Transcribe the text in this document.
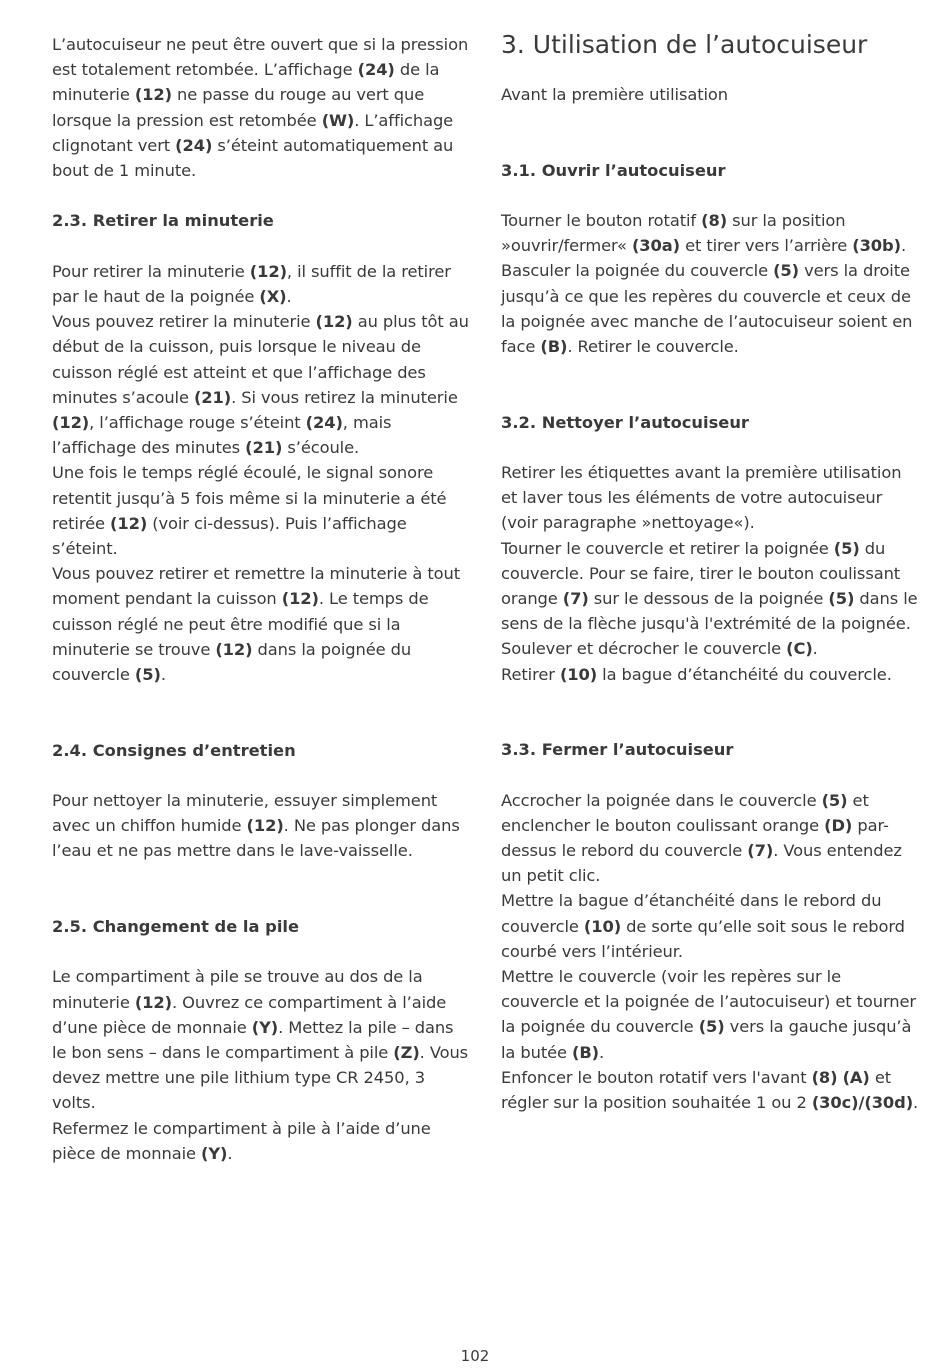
L’autocuiseur ne peut être ouvert que si la pression est totalement retombée. L’affichage (24) de la minuterie (12) ne passe du rouge au vert que lorsque la pression est retombée (W). L’affichage clignotant vert (24) s’éteint automatiquement au bout de 1 minute.

2.3. Retirer la minuterie

Pour retirer la minuterie (12), il suffit de la retirer par le haut de la poignée (X).

Vous pouvez retirer la minuterie (12) au plus tôt au début de la cuisson, puis lorsque le niveau de cuisson réglé est atteint et que l’affichage des minutes s’acoule (21). Si vous retirez la minuterie (12), l’affichage rouge s’éteint (24), mais l’affichage des minutes (21) s’écoule.

Une fois le temps réglé écoulé, le signal sonore retentit jusqu’à 5 fois même si la minuterie a été retirée (12) (voir ci-dessus). Puis l’affichage s’éteint.

Vous pouvez retirer et remettre la minuterie à tout moment pendant la cuisson (12). Le temps de cuisson réglé ne peut être modifié que si la minuterie se trouve (12) dans la poignée du couvercle (5).

2.4. Consignes d’entretien

Pour nettoyer la minuterie, essuyer simplement avec un chiffon humide (12). Ne pas plonger dans l’eau et ne pas mettre dans le lave-vaisselle.

2.5. Changement de la pile

Le compartiment à pile se trouve au dos de la minuterie (12). Ouvrez ce compartiment à l’aide d’une pièce de monnaie (Y). Mettez la pile – dans le bon sens – dans le compartiment à pile (Z). Vous devez mettre une pile lithium type CR 2450, 3 volts.

Refermez le compartiment à pile à l’aide d’une pièce de monnaie (Y).

3. Utilisation de l’autocuiseur

Avant la première utilisation

3.1. Ouvrir l’autocuiseur

Tourner le bouton rotatif (8) sur la position »ouvrir/fermer« (30a) et tirer vers l’arrière (30b).

Basculer la poignée du couvercle (5) vers la droite jusqu’à ce que les repères du couvercle et ceux de la poignée avec manche de l’autocuiseur soient en face (B). Retirer le couvercle.

3.2. Nettoyer l’autocuiseur

Retirer les étiquettes avant la première utilisation et laver tous les éléments de votre autocuiseur (voir paragraphe »nettoyage«).

Tourner le couvercle et retirer la poignée (5) du couvercle. Pour se faire, tirer le bouton coulissant orange (7) sur le dessous de la poignée (5) dans le sens de la flèche jusqu'à l'extrémité de la poignée. Soulever et décrocher le couvercle (C).

Retirer (10) la bague d’étanchéité du couvercle.

3.3. Fermer l’autocuiseur

Accrocher la poignée dans le couvercle (5) et enclencher le bouton coulissant orange (D) par-dessus le rebord du couvercle (7). Vous entendez un petit clic.

Mettre la bague d’étanchéité dans le rebord du couvercle (10) de sorte qu’elle soit sous le rebord courbé vers l’intérieur.

Mettre le couvercle (voir les repères sur le couvercle et la poignée de l’autocuiseur) et tourner la poignée du couvercle (5) vers la gauche jusqu’à la butée (B).

Enfoncer le bouton rotatif vers l'avant (8) (A) et régler sur la position souhaitée 1 ou 2 (30c)/(30d).

102
